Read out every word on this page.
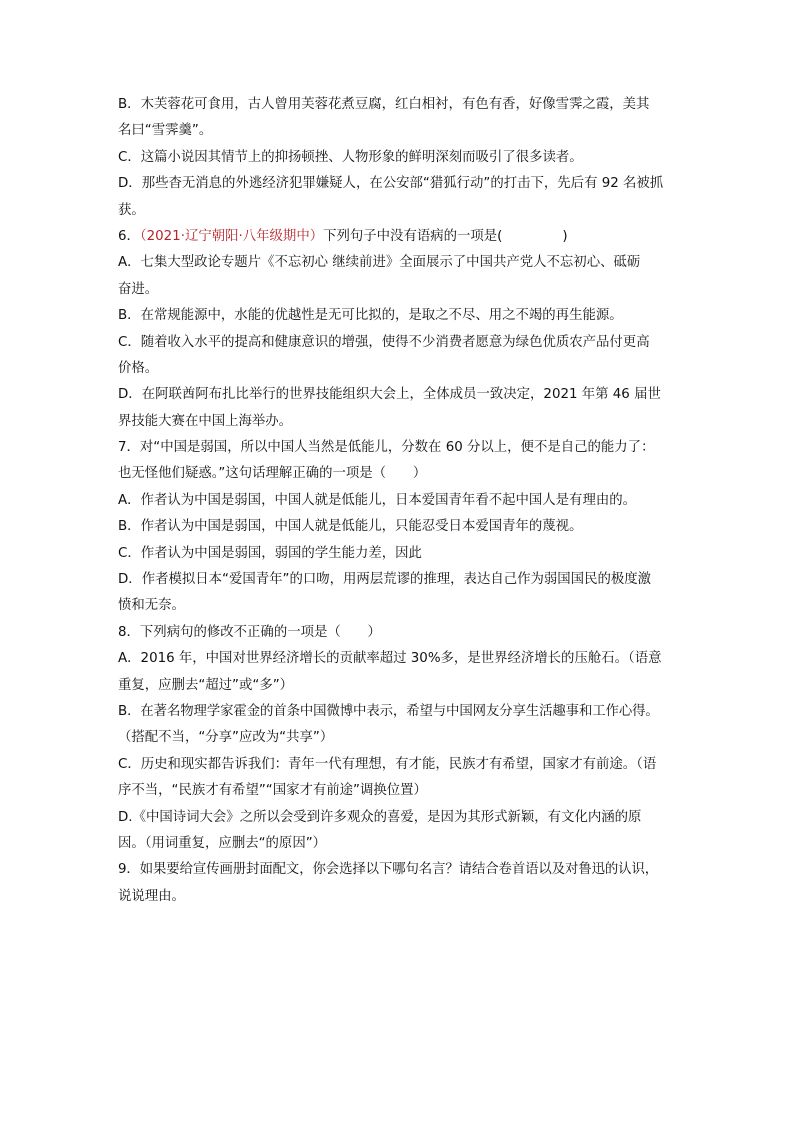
B．木芙蓉花可食用，古人曾用芙蓉花煮豆腐，红白相衬，有色有香，好像雪霁之霞，美其
名曰“雪霁羹”。
C．这篇小说因其情节上的抑扬顿挫、人物形象的鲜明深刻而吸引了很多读者。
D．那些杳无消息的外逃经济犯罪嫌疑人，在公安部“猎狐行动”的打击下，先后有 92 名被抓
获。
6．（2021·辽宁朝阳·八年级期中）下列句子中没有语病的一项是(	)
A．七集大型政论专题片《不忘初心 继续前进》全面展示了中国共产党人不忘初心、砥砺
奋进。
B．在常规能源中，水能的优越性是无可比拟的，是取之不尽、用之不竭的再生能源。
C．随着收入水平的提高和健康意识的增强，使得不少消费者愿意为绿色优质农产品付更高
价格。
D．在阿联酋阿布扎比举行的世界技能组织大会上，全体成员一致决定，2021 年第 46 届世
界技能大赛在中国上海举办。
7．对“中国是弱国，所以中国人当然是低能儿，分数在 60 分以上，便不是自己的能力了：
也无怪他们疑惑。”这句话理解正确的一项是（　　）
A．作者认为中国是弱国，中国人就是低能儿，日本爱国青年看不起中国人是有理由的。
B．作者认为中国是弱国，中国人就是低能儿，只能忍受日本爱国青年的蔑视。
C．作者认为中国是弱国，弱国的学生能力差，因此
D．作者模拟日本“爱国青年”的口吻，用两层荒谬的推理，表达自己作为弱国国民的极度激
愤和无奈。
8．下列病句的修改不正确的一项是（　　）
A．2016 年，中国对世界经济增长的贡献率超过 30%多，是世界经济增长的压舱石。（语意
重复，应删去“超过”或“多”）
B．在著名物理学家霍金的首条中国微博中表示，希望与中国网友分享生活趣事和工作心得。
（搭配不当，“分享”应改为“共享”）
C．历史和现实都告诉我们：青年一代有理想，有才能，民族才有希望，国家才有前途。（语
序不当，“民族才有希望”“国家才有前途”调换位置）
D.《中国诗词大会》之所以会受到许多观众的喜爱，是因为其形式新颖，有文化内涵的原
因。（用词重复，应删去“的原因”）
9．如果要给宣传画册封面配文，你会选择以下哪句名言？请结合卷首语以及对鲁迅的认识，
说说理由。
